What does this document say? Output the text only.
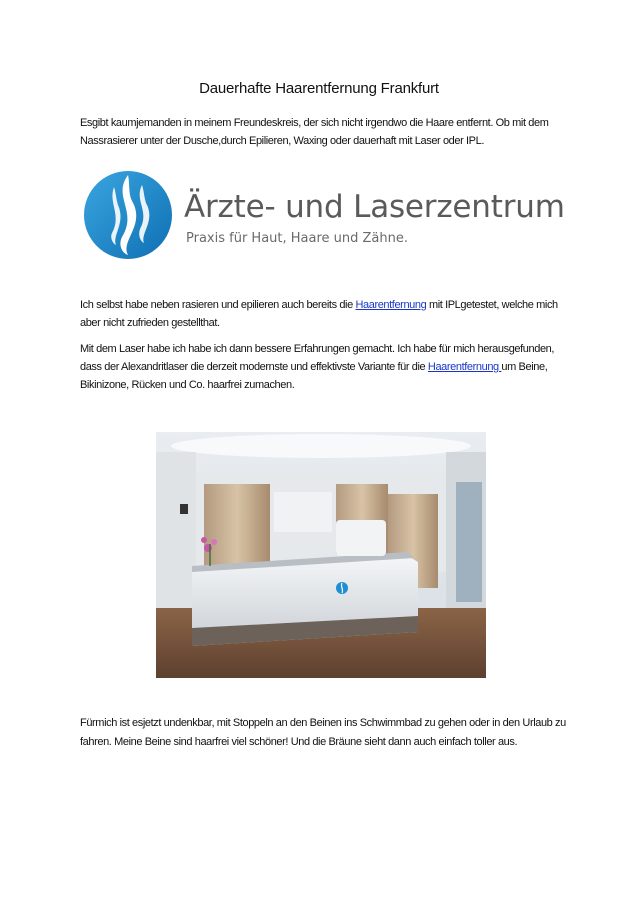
Dauerhafte Haarentfernung Frankfurt

Esgibt kaumjemanden in meinem Freundeskreis, der sich nicht irgendwo die Haare entfernt. Ob mit dem Nassrasierer unter der Dusche,durch Epilieren, Waxing oder dauerhaft mit Laser oder IPL.

Ärzte- und Laserzentrum
Praxis für Haut, Haare und Zähne.

Ich selbst habe neben rasieren und epilieren auch bereits die Haarentfernung mit IPLgetestet, welche mich aber nicht zufrieden gestellthat.

Mit dem Laser habe ich habe ich dann bessere Erfahrungen gemacht. Ich habe für mich herausgefunden, dass der Alexandritlaser die derzeit modernste und effektivste Variante für die Haarentfernung um Beine, Bikinizone, Rücken und Co. haarfrei zumachen.

Fürmich ist esjetzt undenkbar, mit Stoppeln an den Beinen ins Schwimmbad zu gehen oder in den Urlaub zu fahren. Meine Beine sind haarfrei viel schöner! Und die Bräune sieht dann auch einfach toller aus.
